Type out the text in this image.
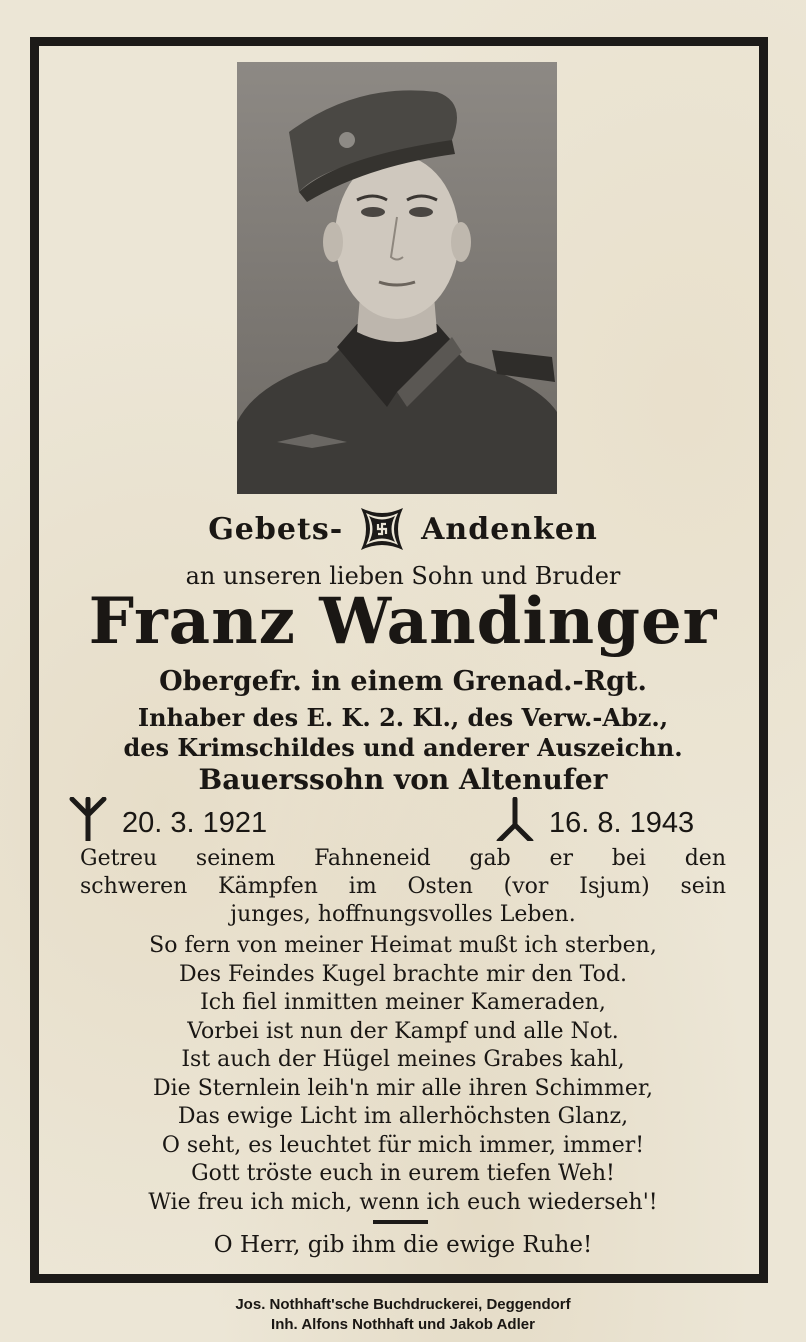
Gebets-	Andenken
an unseren lieben Sohn und Bruder
Franz Wandinger
Obergefr. in einem Grenad.-Rgt.
Inhaber des E. K. 2. Kl., des Verw.-Abz.,
des Krimschildes und anderer Auszeichn.
Bauerssohn von Altenufer
20. 3. 1921	16. 8. 1943
Getreu seinem Fahneneid gab er bei den
schweren Kämpfen im Osten (vor Isjum) sein
junges, hoffnungsvolles Leben.
So fern von meiner Heimat mußt ich sterben,
Des Feindes Kugel brachte mir den Tod.
Ich fiel inmitten meiner Kameraden,
Vorbei ist nun der Kampf und alle Not.
Ist auch der Hügel meines Grabes kahl,
Die Sternlein leih'n mir alle ihren Schimmer,
Das ewige Licht im allerhöchsten Glanz,
O seht, es leuchtet für mich immer, immer!
Gott tröste euch in eurem tiefen Weh!
Wie freu ich mich, wenn ich euch wiederseh'!
O Herr, gib ihm die ewige Ruhe!
Jos. Nothhaft'sche Buchdruckerei, Deggendorf
Inh. Alfons Nothhaft und Jakob Adler
